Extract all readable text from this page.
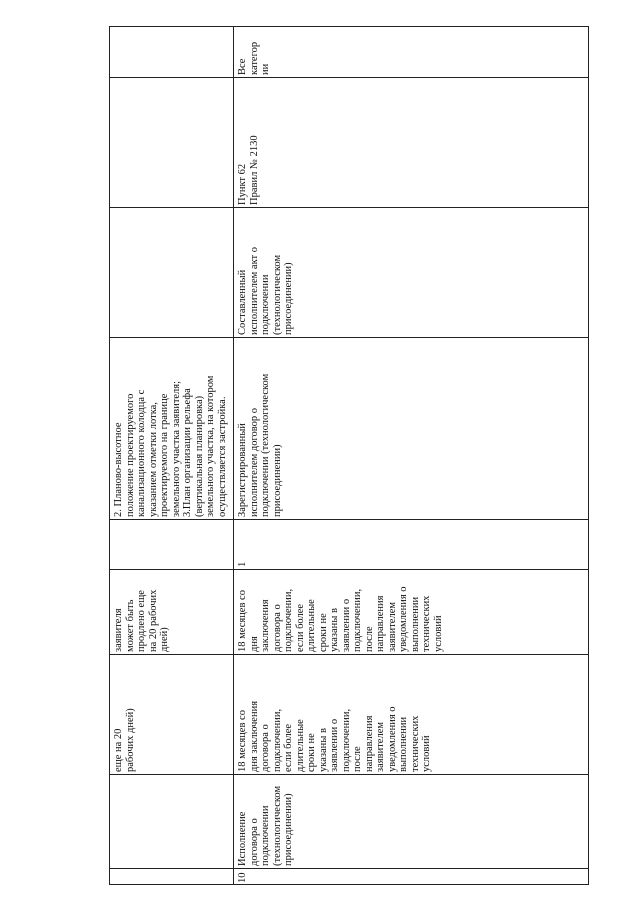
еще на 20
рабочих дней)
заявителя
может быть
продлено еще
на 20 рабочих
дней)
2. Планово-высотное
положение проектируемого
канализационного колодца с
указанием отметки лотка,
проектируемого на границе
земельного участка заявителя;
3.План организации рельефа
(вертикальная планировка)
земельного участка, на котором
осуществляется застройка.
10
Исполнение
договора о
подключении
(технологическом
присоединении)
18 месяцев со
дня заключения
договора о
подключении,
если более
длительные
сроки не
указаны в
заявлении о
подключении,
после
направления
заявителем
уведомления о
выполнении
технических
условий
18 месяцев со
дня
заключения
договора о
подключении,
если более
длительные
сроки не
указаны в
заявлении о
подключении,
после
направления
заявителем
уведомления о
выполнении
технических
условий
1
Зарегистрированный
исполнителем договор о
подключении (технологическом
присоединении)
Составленный
исполнителем акт о
подключении
(технологическом
присоединении)
Пункт 62
Правил № 2130
Все
категор
ии
